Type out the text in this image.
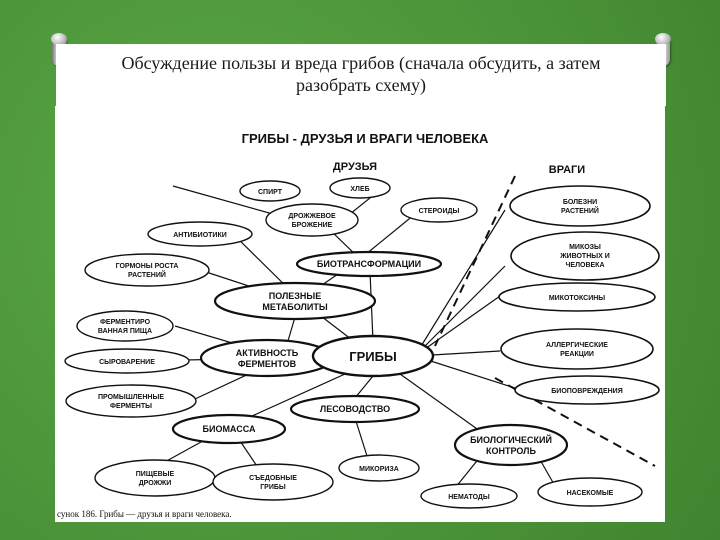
Обсуждение пользы и вреда грибов (сначала обсудить, а затем
разобрать схему)
ГРИБЫ - ДРУЗЬЯ И ВРАГИ ЧЕЛОВЕКА
ДРУЗЬЯ	ВРАГИ
СПИРТ	ХЛЕБ
ДРОЖЖЕВОЕ
БРОЖЕНИЕ
СТЕРОИДЫ
АНТИБИОТИКИ
ГОРМОНЫ РОСТА
РАСТЕНИЙ
БИОТРАНСФОРМАЦИИ
ПОЛЕЗНЫЕ
МЕТАБОЛИТЫ
ФЕРМЕНТИРО
ВАННАЯ ПИЩА
СЫРОВАРЕНИЕ
ПРОМЫШЛЕННЫЕ
ФЕРМЕНТЫ
АКТИВНОСТЬ
ФЕРМЕНТОВ	ГРИБЫ
ЛЕСОВОДСТВО
БИОМАССА
ПИЩЕВЫЕ
ДРОЖЖИ
СЪЕДОБНЫЕ
ГРИБЫ
МИКОРИЗА
БИОЛОГИЧЕСКИЙ
КОНТРОЛЬ
НЕМАТОДЫ
НАСЕКОМЫЕ
БОЛЕЗНИ
РАСТЕНИЙ
МИКОЗЫ
ЖИВОТНЫХ И
ЧЕЛОВЕКА
МИКОТОКСИНЫ
АЛЛЕРГИЧЕСКИЕ
РЕАКЦИИ
БИОПОВРЕЖДЕНИЯ
сунок 186. Грибы — друзья и враги человека.
